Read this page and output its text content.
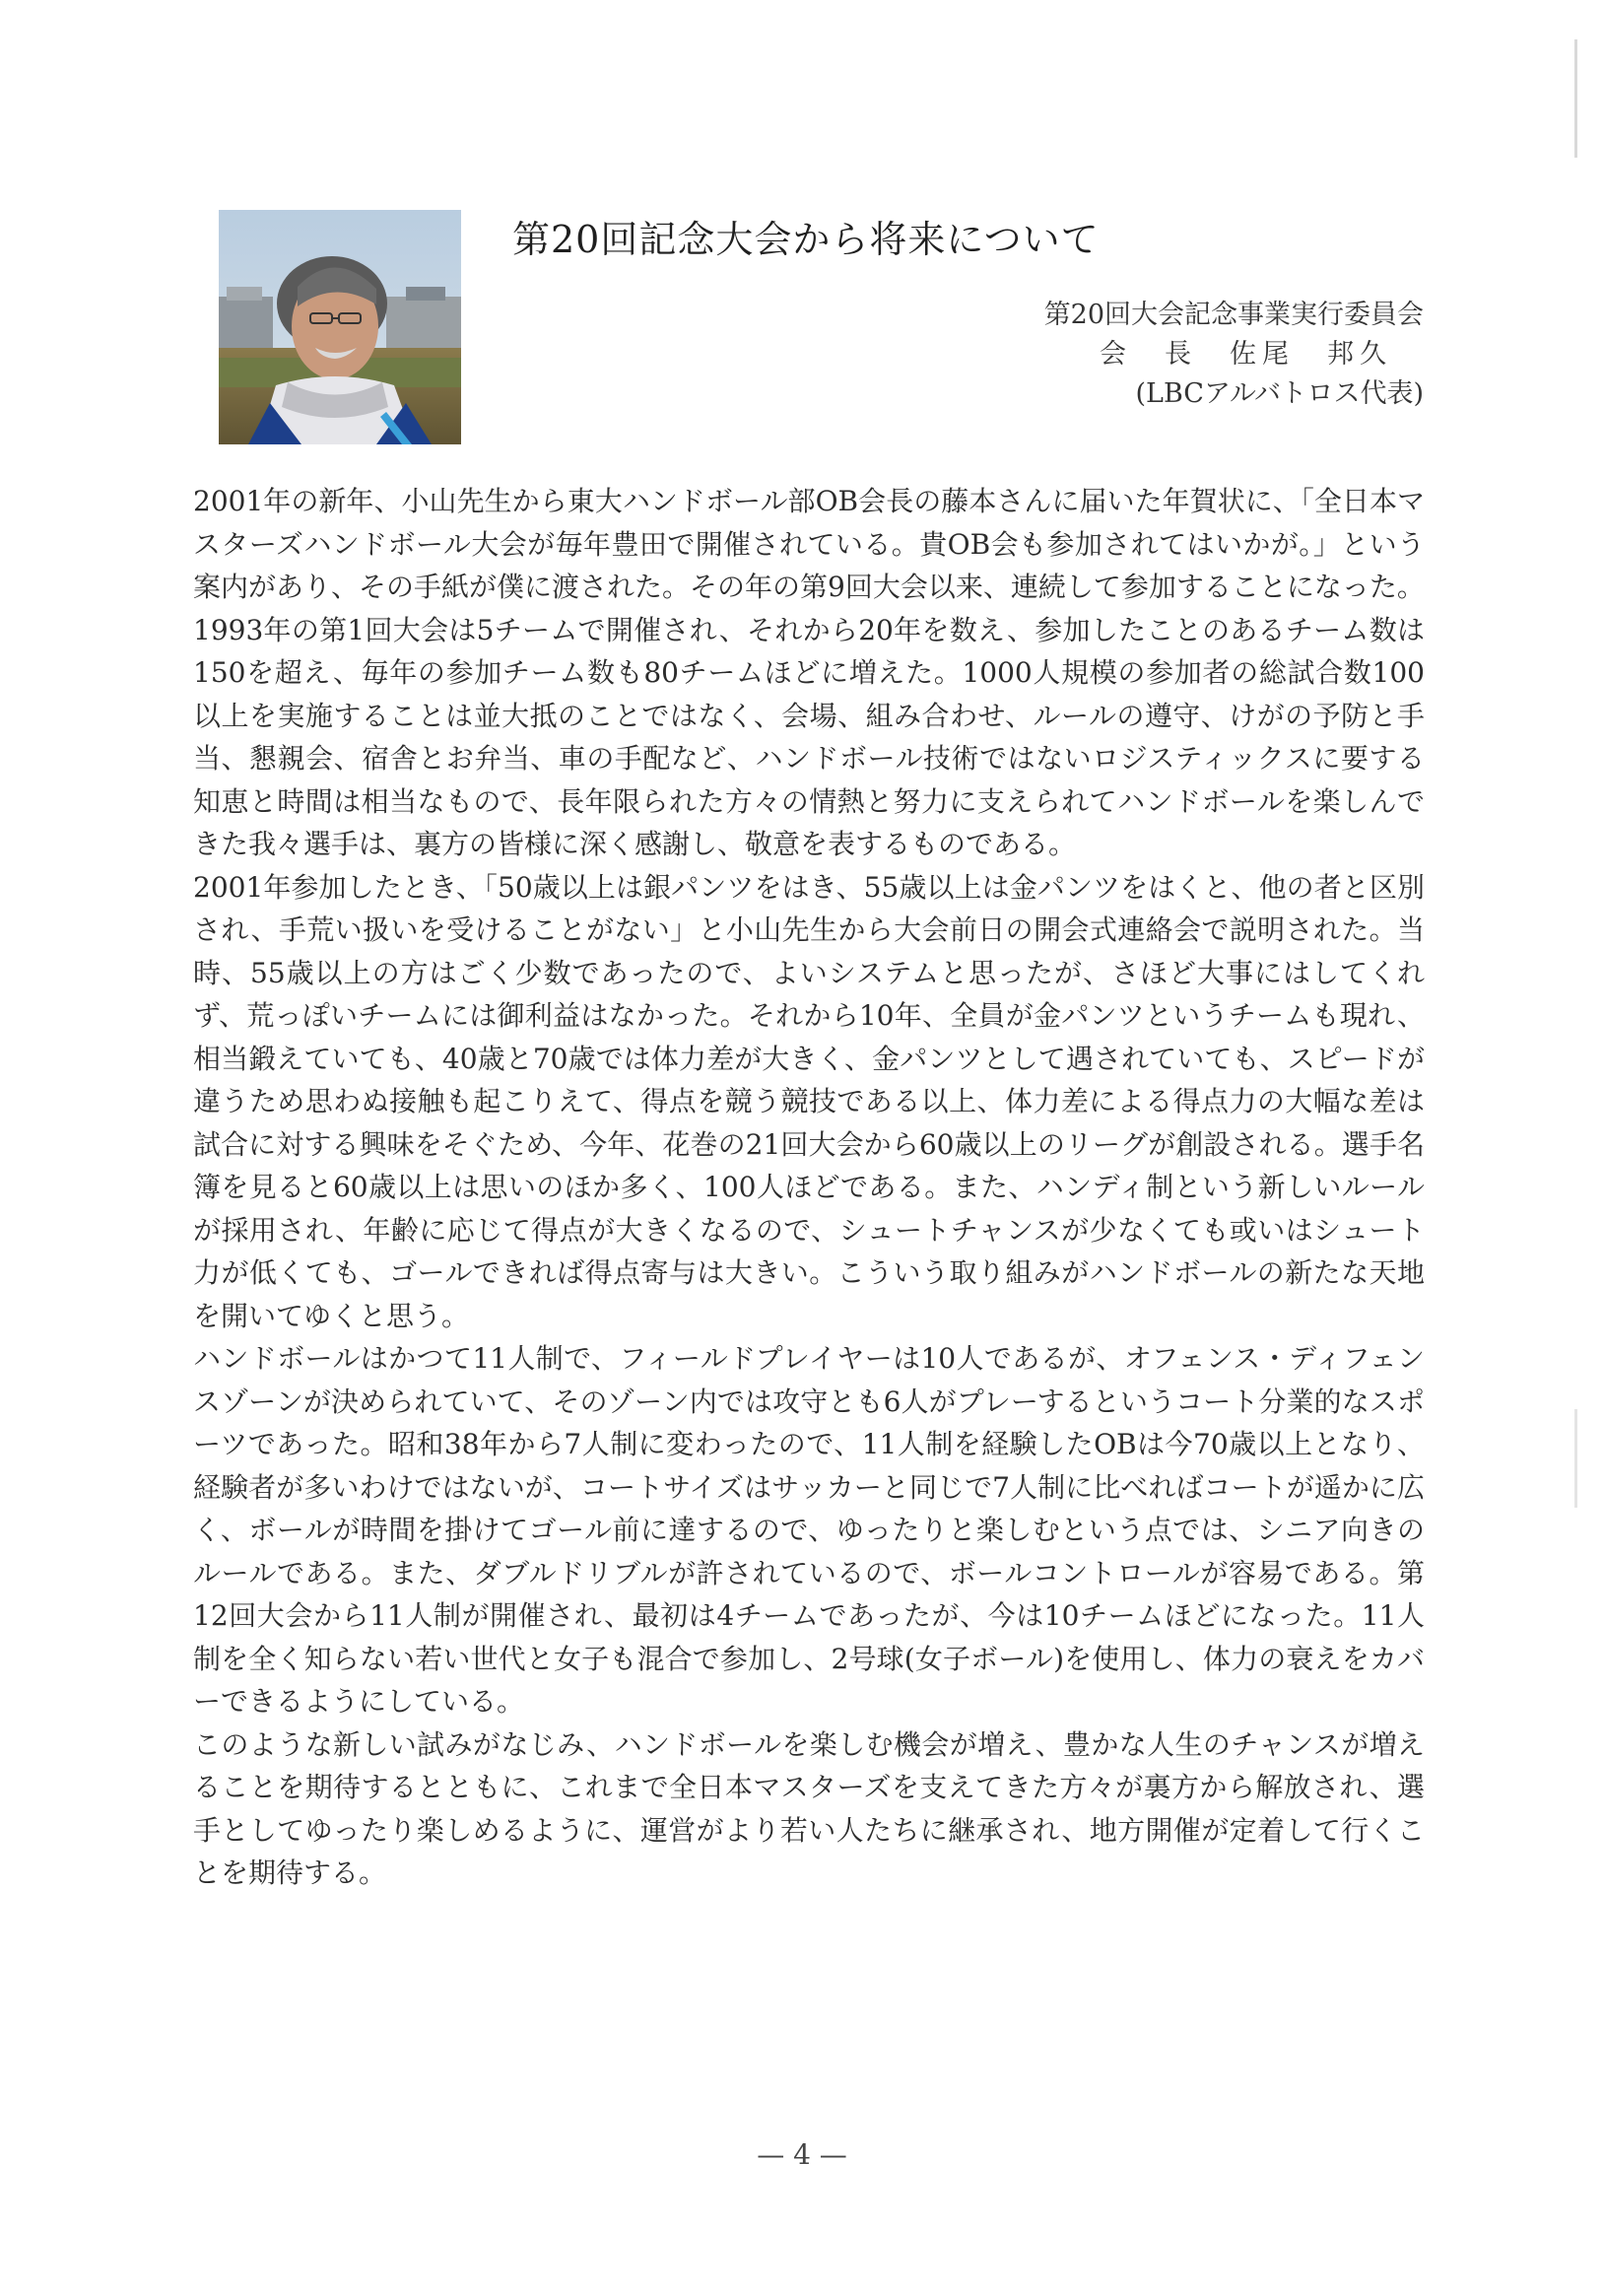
第20回記念大会から将来について
第20回大会記念事業実行委員会
会　長　佐尾　邦久
(LBCアルバトロス代表)

2001年の新年、小山先生から東大ハンドボール部OB会長の藤本さんに届いた年賀状に、「全日本マスターズハンドボール大会が毎年豊田で開催されている。貴OB会も参加されてはいかが。」という案内があり、その手紙が僕に渡された。その年の第9回大会以来、連続して参加することになった。

1993年の第1回大会は5チームで開催され、それから20年を数え、参加したことのあるチーム数は150を超え、毎年の参加チーム数も80チームほどに増えた。1000人規模の参加者の総試合数100以上を実施することは並大抵のことではなく、会場、組み合わせ、ルールの遵守、けがの予防と手当、懇親会、宿舎とお弁当、車の手配など、ハンドボール技術ではないロジスティックスに要する知恵と時間は相当なもので、長年限られた方々の情熱と努力に支えられてハンドボールを楽しんできた我々選手は、裏方の皆様に深く感謝し、敬意を表するものである。

2001年参加したとき、「50歳以上は銀パンツをはき、55歳以上は金パンツをはくと、他の者と区別され、手荒い扱いを受けることがない」と小山先生から大会前日の開会式連絡会で説明された。当時、55歳以上の方はごく少数であったので、よいシステムと思ったが、さほど大事にはしてくれず、荒っぽいチームには御利益はなかった。それから10年、全員が金パンツというチームも現れ、相当鍛えていても、40歳と70歳では体力差が大きく、金パンツとして遇されていても、スピードが違うため思わぬ接触も起こりえて、得点を競う競技である以上、体力差による得点力の大幅な差は試合に対する興味をそぐため、今年、花巻の21回大会から60歳以上のリーグが創設される。選手名簿を見ると60歳以上は思いのほか多く、100人ほどである。また、ハンディ制という新しいルールが採用され、年齢に応じて得点が大きくなるので、シュートチャンスが少なくても或いはシュート力が低くても、ゴールできれば得点寄与は大きい。こういう取り組みがハンドボールの新たな天地を開いてゆくと思う。

ハンドボールはかつて11人制で、フィールドプレイヤーは10人であるが、オフェンス・ディフェンスゾーンが決められていて、そのゾーン内では攻守とも6人がプレーするというコート分業的なスポーツであった。昭和38年から7人制に変わったので、11人制を経験したOBは今70歳以上となり、経験者が多いわけではないが、コートサイズはサッカーと同じで7人制に比べればコートが遥かに広く、ボールが時間を掛けてゴール前に達するので、ゆったりと楽しむという点では、シニア向きのルールである。また、ダブルドリブルが許されているので、ボールコントロールが容易である。第12回大会から11人制が開催され、最初は4チームであったが、今は10チームほどになった。11人制を全く知らない若い世代と女子も混合で参加し、2号球(女子ボール)を使用し、体力の衰えをカバーできるようにしている。

このような新しい試みがなじみ、ハンドボールを楽しむ機会が増え、豊かな人生のチャンスが増えることを期待するとともに、これまで全日本マスターズを支えてきた方々が裏方から解放され、選手としてゆったり楽しめるように、運営がより若い人たちに継承され、地方開催が定着して行くことを期待する。

— 4 —
